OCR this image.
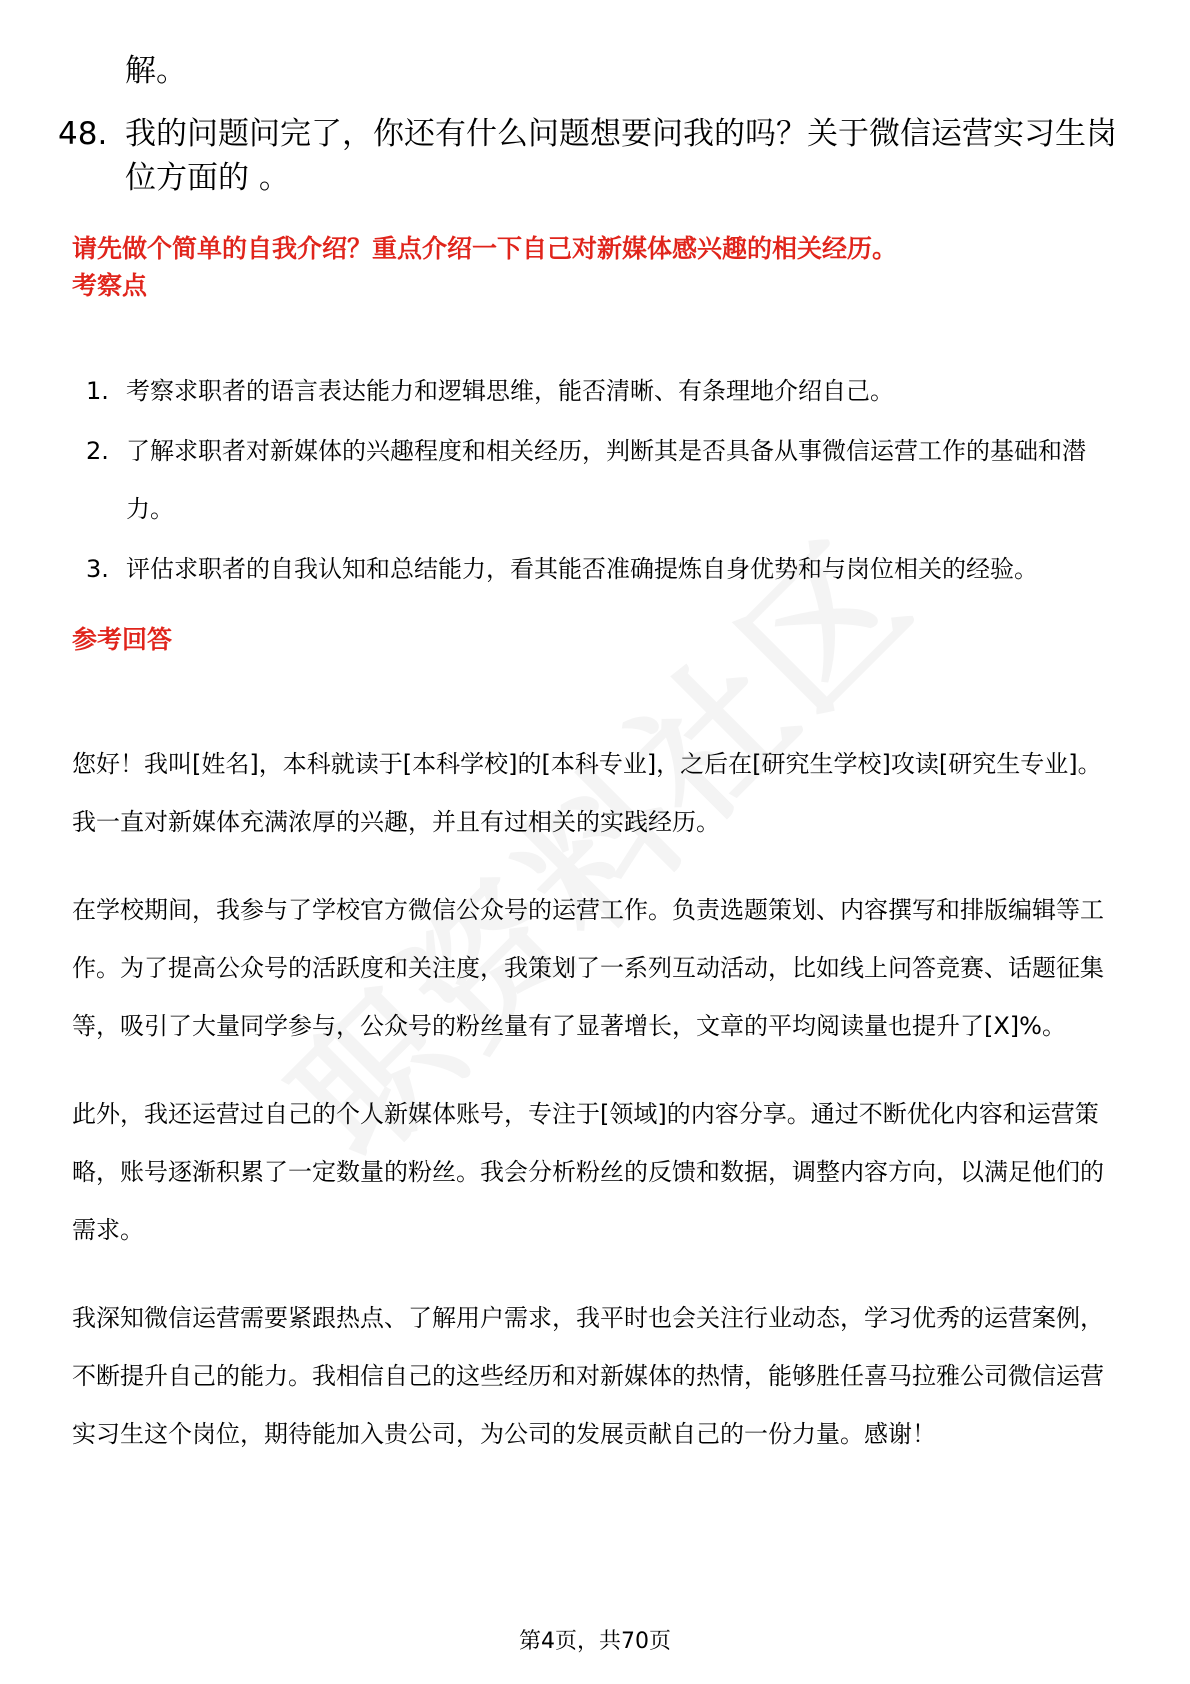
解。
48. 我的问题问完了，你还有什么问题想要问我的吗？关于微信运营实习生岗位方面的 。
请先做个简单的自我介绍？重点介绍一下自己对新媒体感兴趣的相关经历。
考察点
1. 考察求职者的语言表达能力和逻辑思维，能否清晰、有条理地介绍自己。
2. 了解求职者对新媒体的兴趣程度和相关经历，判断其是否具备从事微信运营工作的基础和潜力。
3. 评估求职者的自我认知和总结能力，看其能否准确提炼自身优势和与岗位相关的经验。
参考回答

您好！我叫[姓名]，本科就读于[本科学校]的[本科专业]，之后在[研究生学校]攻读[研究生专业]。我一直对新媒体充满浓厚的兴趣，并且有过相关的实践经历。

在学校期间，我参与了学校官方微信公众号的运营工作。负责选题策划、内容撰写和排版编辑等工作。为了提高公众号的活跃度和关注度，我策划了一系列互动活动，比如线上问答竞赛、话题征集等，吸引了大量同学参与，公众号的粉丝量有了显著增长，文章的平均阅读量也提升了[X]%。

此外，我还运营过自己的个人新媒体账号，专注于[领域]的内容分享。通过不断优化内容和运营策略，账号逐渐积累了一定数量的粉丝。我会分析粉丝的反馈和数据，调整内容方向，以满足他们的需求。

我深知微信运营需要紧跟热点、了解用户需求，我平时也会关注行业动态，学习优秀的运营案例，不断提升自己的能力。我相信自己的这些经历和对新媒体的热情，能够胜任喜马拉雅公司微信运营实习生这个岗位，期待能加入贵公司，为公司的发展贡献自己的一份力量。感谢！

第4页，共70页
